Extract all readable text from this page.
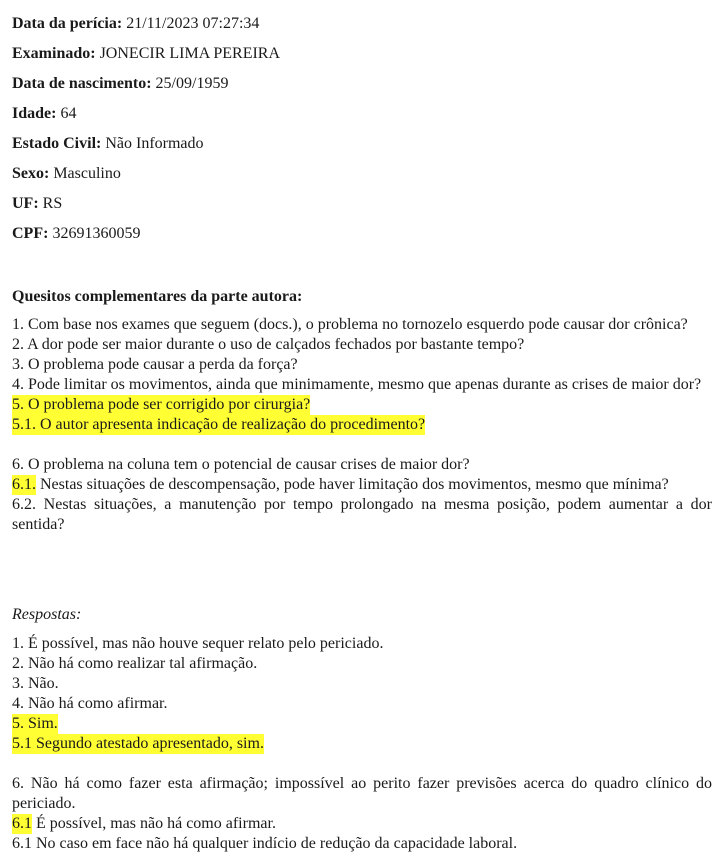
Data da perícia: 21/11/2023 07:27:34
Examinado: JONECIR LIMA PEREIRA
Data de nascimento: 25/09/1959
Idade: 64
Estado Civil: Não Informado
Sexo: Masculino
UF: RS
CPF: 32691360059
Quesitos complementares da parte autora:

1. Com base nos exames que seguem (docs.), o problema no tornozelo esquerdo pode causar dor crônica?

2. A dor pode ser maior durante o uso de calçados fechados por bastante tempo?

3. O problema pode causar a perda da força?

4. Pode limitar os movimentos, ainda que minimamente, mesmo que apenas durante as crises de maior dor?

5. O problema pode ser corrigido por cirurgia?

5.1. O autor apresenta indicação de realização do procedimento?

6. O problema na coluna tem o potencial de causar crises de maior dor?

6.1. Nestas situações de descompensação, pode haver limitação dos movimentos, mesmo que mínima?

6.2. Nestas situações, a manutenção por tempo prolongado na mesma posição, podem aumentar a dor sentida?

Respostas:

1. É possível, mas não houve sequer relato pelo periciado.

2. Não há como realizar tal afirmação.

3. Não.

4. Não há como afirmar.

5. Sim.

5.1 Segundo atestado apresentado, sim.

6. Não há como fazer esta afirmação; impossível ao perito fazer previsões acerca do quadro clínico do periciado.

6.1 É possível, mas não há como afirmar.

6.1 No caso em face não há qualquer indício de redução da capacidade laboral.
